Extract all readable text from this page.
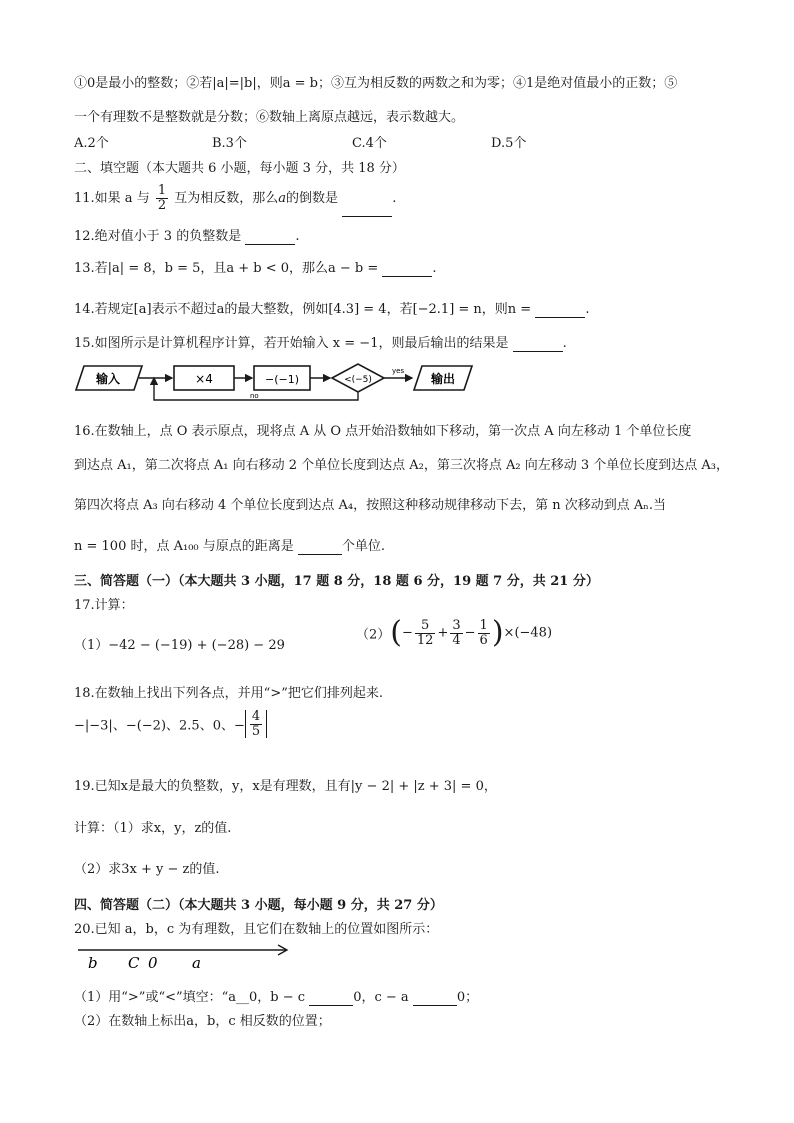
①0是最小的整数；②若|a|=|b|，则a = b；③互为相反数的两数之和为零；④1是绝对值最小的正数；⑤
一个有理数不是整数就是分数；⑥数轴上离原点越远，表示数越大。
A.2个	B.3个	C.4个	D.5个
二、填空题（本大题共 6 小题，每小题 3 分，共 18 分）
11.如果 a 与 $\frac{1}{2}$ 互为相反数，那么a的倒数是	.
12.绝对值小于 3 的负整数是	.
13.若|a| = 8，b = 5，且a + b < 0，那么a − b =	.
14.若规定[a]表示不超过a的最大整数，例如[4.3] = 4，若[−2.1] = n，则n =	.
15.如图所示是计算机程序计算，若开始输入 x = −1，则最后输出的结果是	.
输入	×4	−(−1)	<(−5)
yes
输出
no
16.在数轴上，点 O 表示原点，现将点 A 从 O 点开始沿数轴如下移动，第一次点 A 向左移动 1 个单位长度
到达点 A₁，第二次将点 A₁ 向右移动 2 个单位长度到达点 A₂，第三次将点 A₂ 向左移动 3 个单位长度到达点 A₃，
第四次将点 A₃ 向右移动 4 个单位长度到达点 A₄，按照这种移动规律移动下去，第 n 次移动到点 Aₙ.当
n = 100 时，点 A₁₀₀ 与原点的距离是	个单位.
三、简答题（一）（本大题共 3 小题，17 题 8 分，18 题 6 分，19 题 7 分，共 21 分）
17.计算：
（1）−42 − (−19) + (−28) − 29
$(2)(- \frac{5}{12} + \frac{3}{4} - \frac{1}{6} )\times(-48)$
18.在数轴上找出下列各点，并用“>”把它们排列起来.
−|−3|、−(−2)、2.5、0、− $\frac{4}{5}$
19.已知x是最大的负整数，y，x是有理数，且有|y − 2| + |z + 3| = 0，
计算：（1）求x，y，z的值.
（2）求3x + y − z的值.
四、简答题（二）（本大题共 3 小题，每小题 9 分，共 27 分）
20.已知 a，b，c 为有理数，且它们在数轴上的位置如图所示：
b C 0 a
（1）用“>”或“<”填空：“a__0，b − c	0，c − a	0；
（2）在数轴上标出a，b，c 相反数的位置；
